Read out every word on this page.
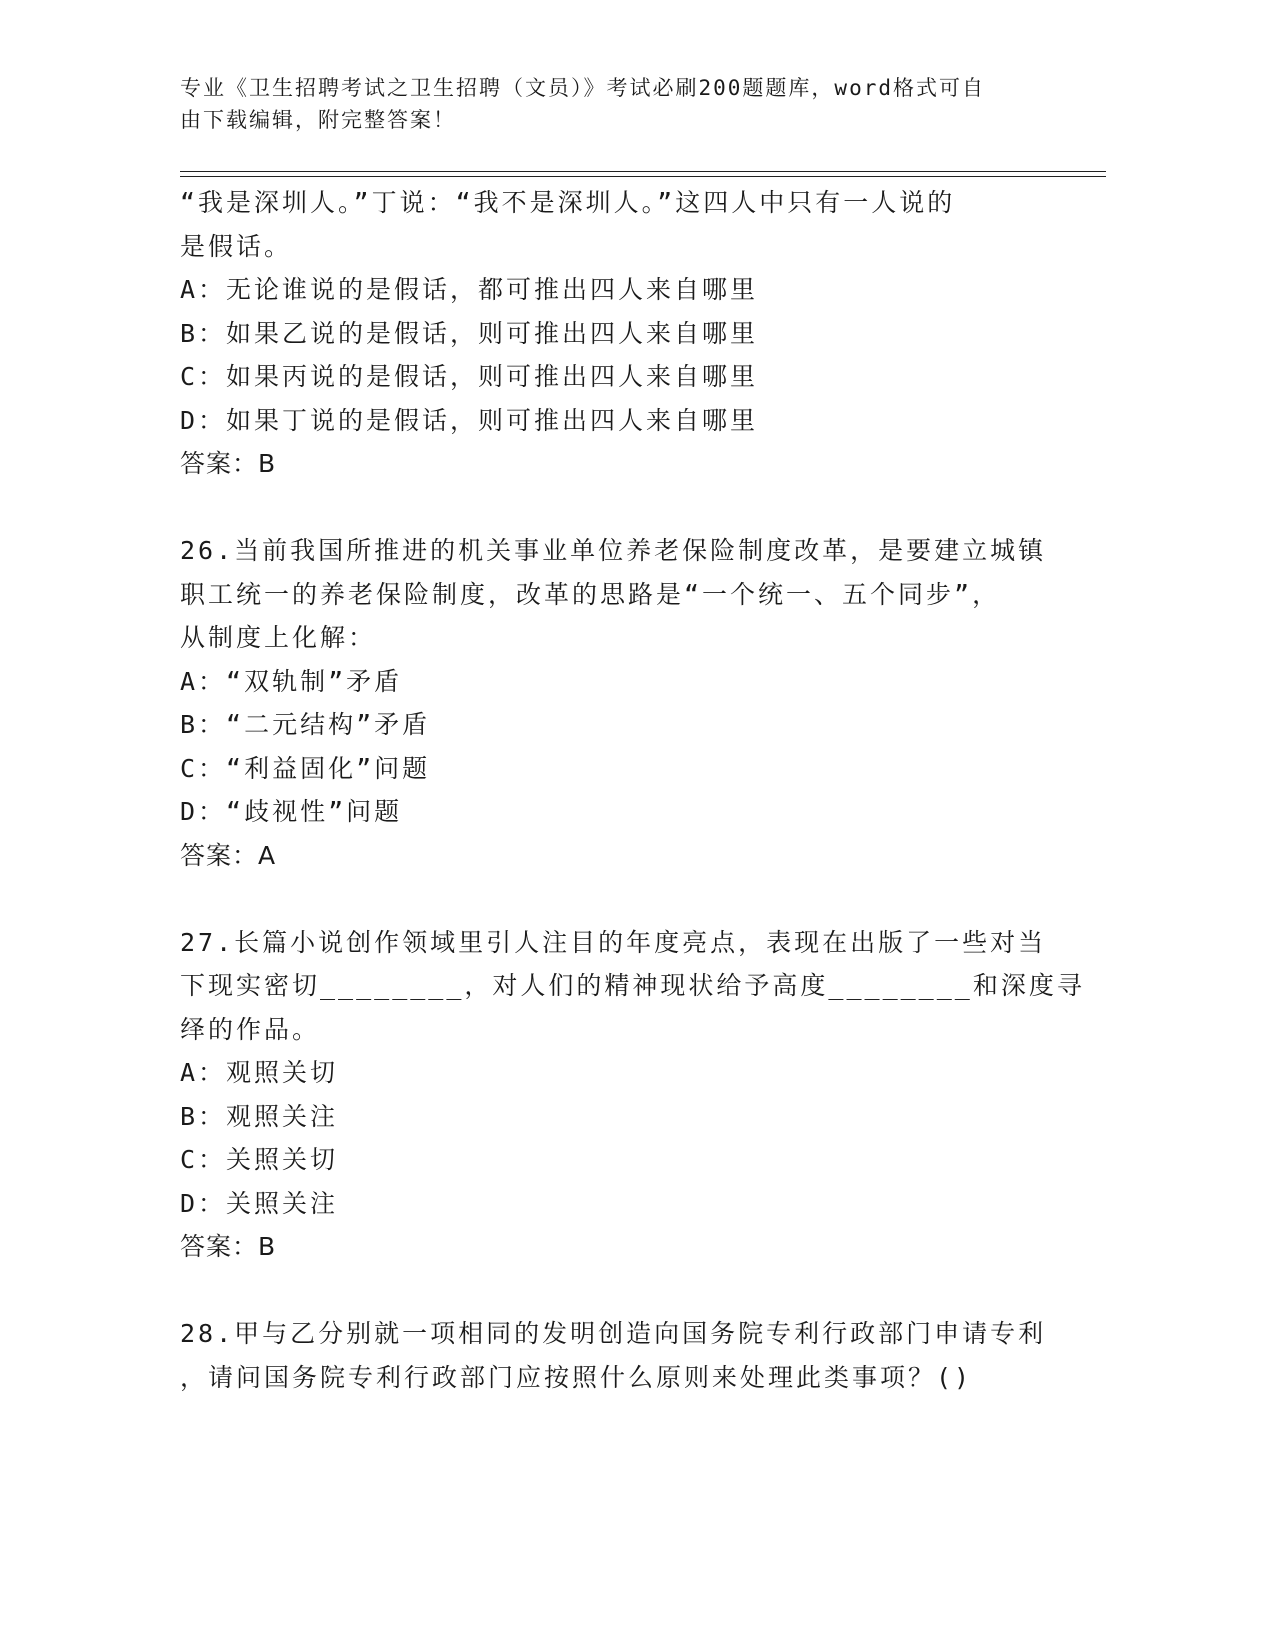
专业《卫生招聘考试之卫生招聘（文员）》考试必刷200题题库，word格式可自
由下载编辑，附完整答案！
“我是深圳人。”丁说：“我不是深圳人。”这四人中只有一人说的
是假话。
A：无论谁说的是假话，都可推出四人来自哪里
B：如果乙说的是假话，则可推出四人来自哪里
C：如果丙说的是假话，则可推出四人来自哪里
D：如果丁说的是假话，则可推出四人来自哪里
答案：B
26.当前我国所推进的机关事业单位养老保险制度改革，是要建立城镇
职工统一的养老保险制度，改革的思路是“一个统一、五个同步”，
从制度上化解：
A：“双轨制”矛盾
B：“二元结构”矛盾
C：“利益固化”问题
D：“歧视性”问题
答案：A
27.长篇小说创作领域里引人注目的年度亮点，表现在出版了一些对当
下现实密切________，对人们的精神现状给予高度________和深度寻
绎的作品。
A：观照关切
B：观照关注
C：关照关切
D：关照关注
答案：B
28.甲与乙分别就一项相同的发明创造向国务院专利行政部门申请专利
，请问国务院专利行政部门应按照什么原则来处理此类事项？()
